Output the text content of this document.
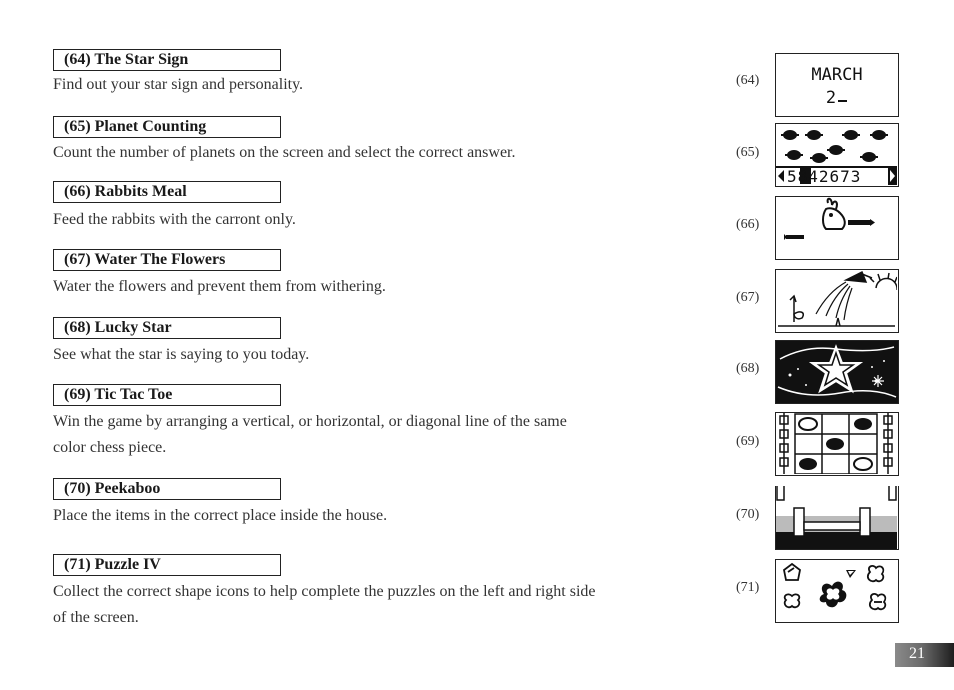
(64) The Star Sign
Find out your star sign and personality.
(65) Planet Counting
Count the number of planets on the screen and select the correct answer.
(66) Rabbits Meal
Feed the rabbits with the carront only.
(67) Water The Flowers
Water the flowers and prevent them from withering.
(68) Lucky Star
See what the star is saying to you today.
(69) Tic Tac Toe
Win the game by arranging a vertical, or horizontal, or diagonal line of the same
color chess piece.
(70) Peekaboo
Place the items in the correct place inside the house.
(71) Puzzle IV
Collect the correct shape icons to help complete the puzzles on the left and right side
of the screen.
(64)
(65)
(66)
(67)
(68)
(69)
(70)
(71)
MARCH
2
5842673
21
